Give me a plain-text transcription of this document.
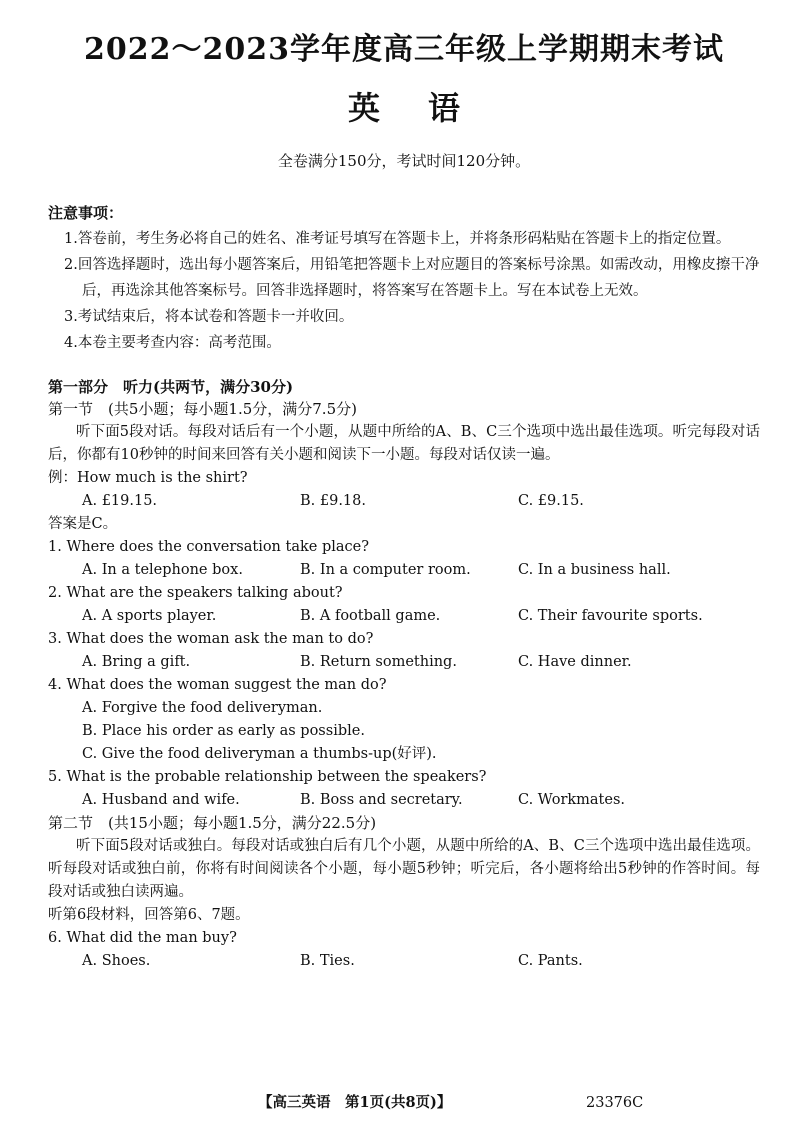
2022～2023学年度高三年级上学期期末考试
英语
全卷满分150分，考试时间120分钟。
注意事项：
1.答卷前，考生务必将自己的姓名、准考证号填写在答题卡上，并将条形码粘贴在答题卡上的指定位置。
2.回答选择题时，选出每小题答案后，用铅笔把答题卡上对应题目的答案标号涂黑。如需改动，用橡皮擦干净后，再选涂其他答案标号。回答非选择题时，将答案写在答题卡上。写在本试卷上无效。
3.考试结束后，将本试卷和答题卡一并收回。
4.本卷主要考查内容：高考范围。
第一部分　听力(共两节，满分30分)
第一节　(共5小题；每小题1.5分，满分7.5分)
听下面5段对话。每段对话后有一个小题，从题中所给的A、B、C三个选项中选出最佳选项。听完每段对话后，你都有10秒钟的时间来回答有关小题和阅读下一小题。每段对话仅读一遍。
例：How much is the shirt?
A. £19.15.	B. £9.18.	C. £9.15.
答案是C。
1. Where does the conversation take place?
A. In a telephone box.	B. In a computer room.	C. In a business hall.
2. What are the speakers talking about?
A. A sports player.	B. A football game.	C. Their favourite sports.
3. What does the woman ask the man to do?
A. Bring a gift.	B. Return something.	C. Have dinner.
4. What does the woman suggest the man do?
A. Forgive the food deliveryman.
B. Place his order as early as possible.
C. Give the food deliveryman a thumbs-up(好评).
5. What is the probable relationship between the speakers?
A. Husband and wife.	B. Boss and secretary.	C. Workmates.
第二节　(共15小题；每小题1.5分，满分22.5分)
听下面5段对话或独白。每段对话或独白后有几个小题，从题中所给的A、B、C三个选项中选出最佳选项。听每段对话或独白前，你将有时间阅读各个小题，每小题5秒钟；听完后，各小题将给出5秒钟的作答时间。每段对话或独白读两遍。
听第6段材料，回答第6、7题。
6. What did the man buy?
A. Shoes.	B. Ties.	C. Pants.
【高三英语　第1页(共8页)】	23376C
